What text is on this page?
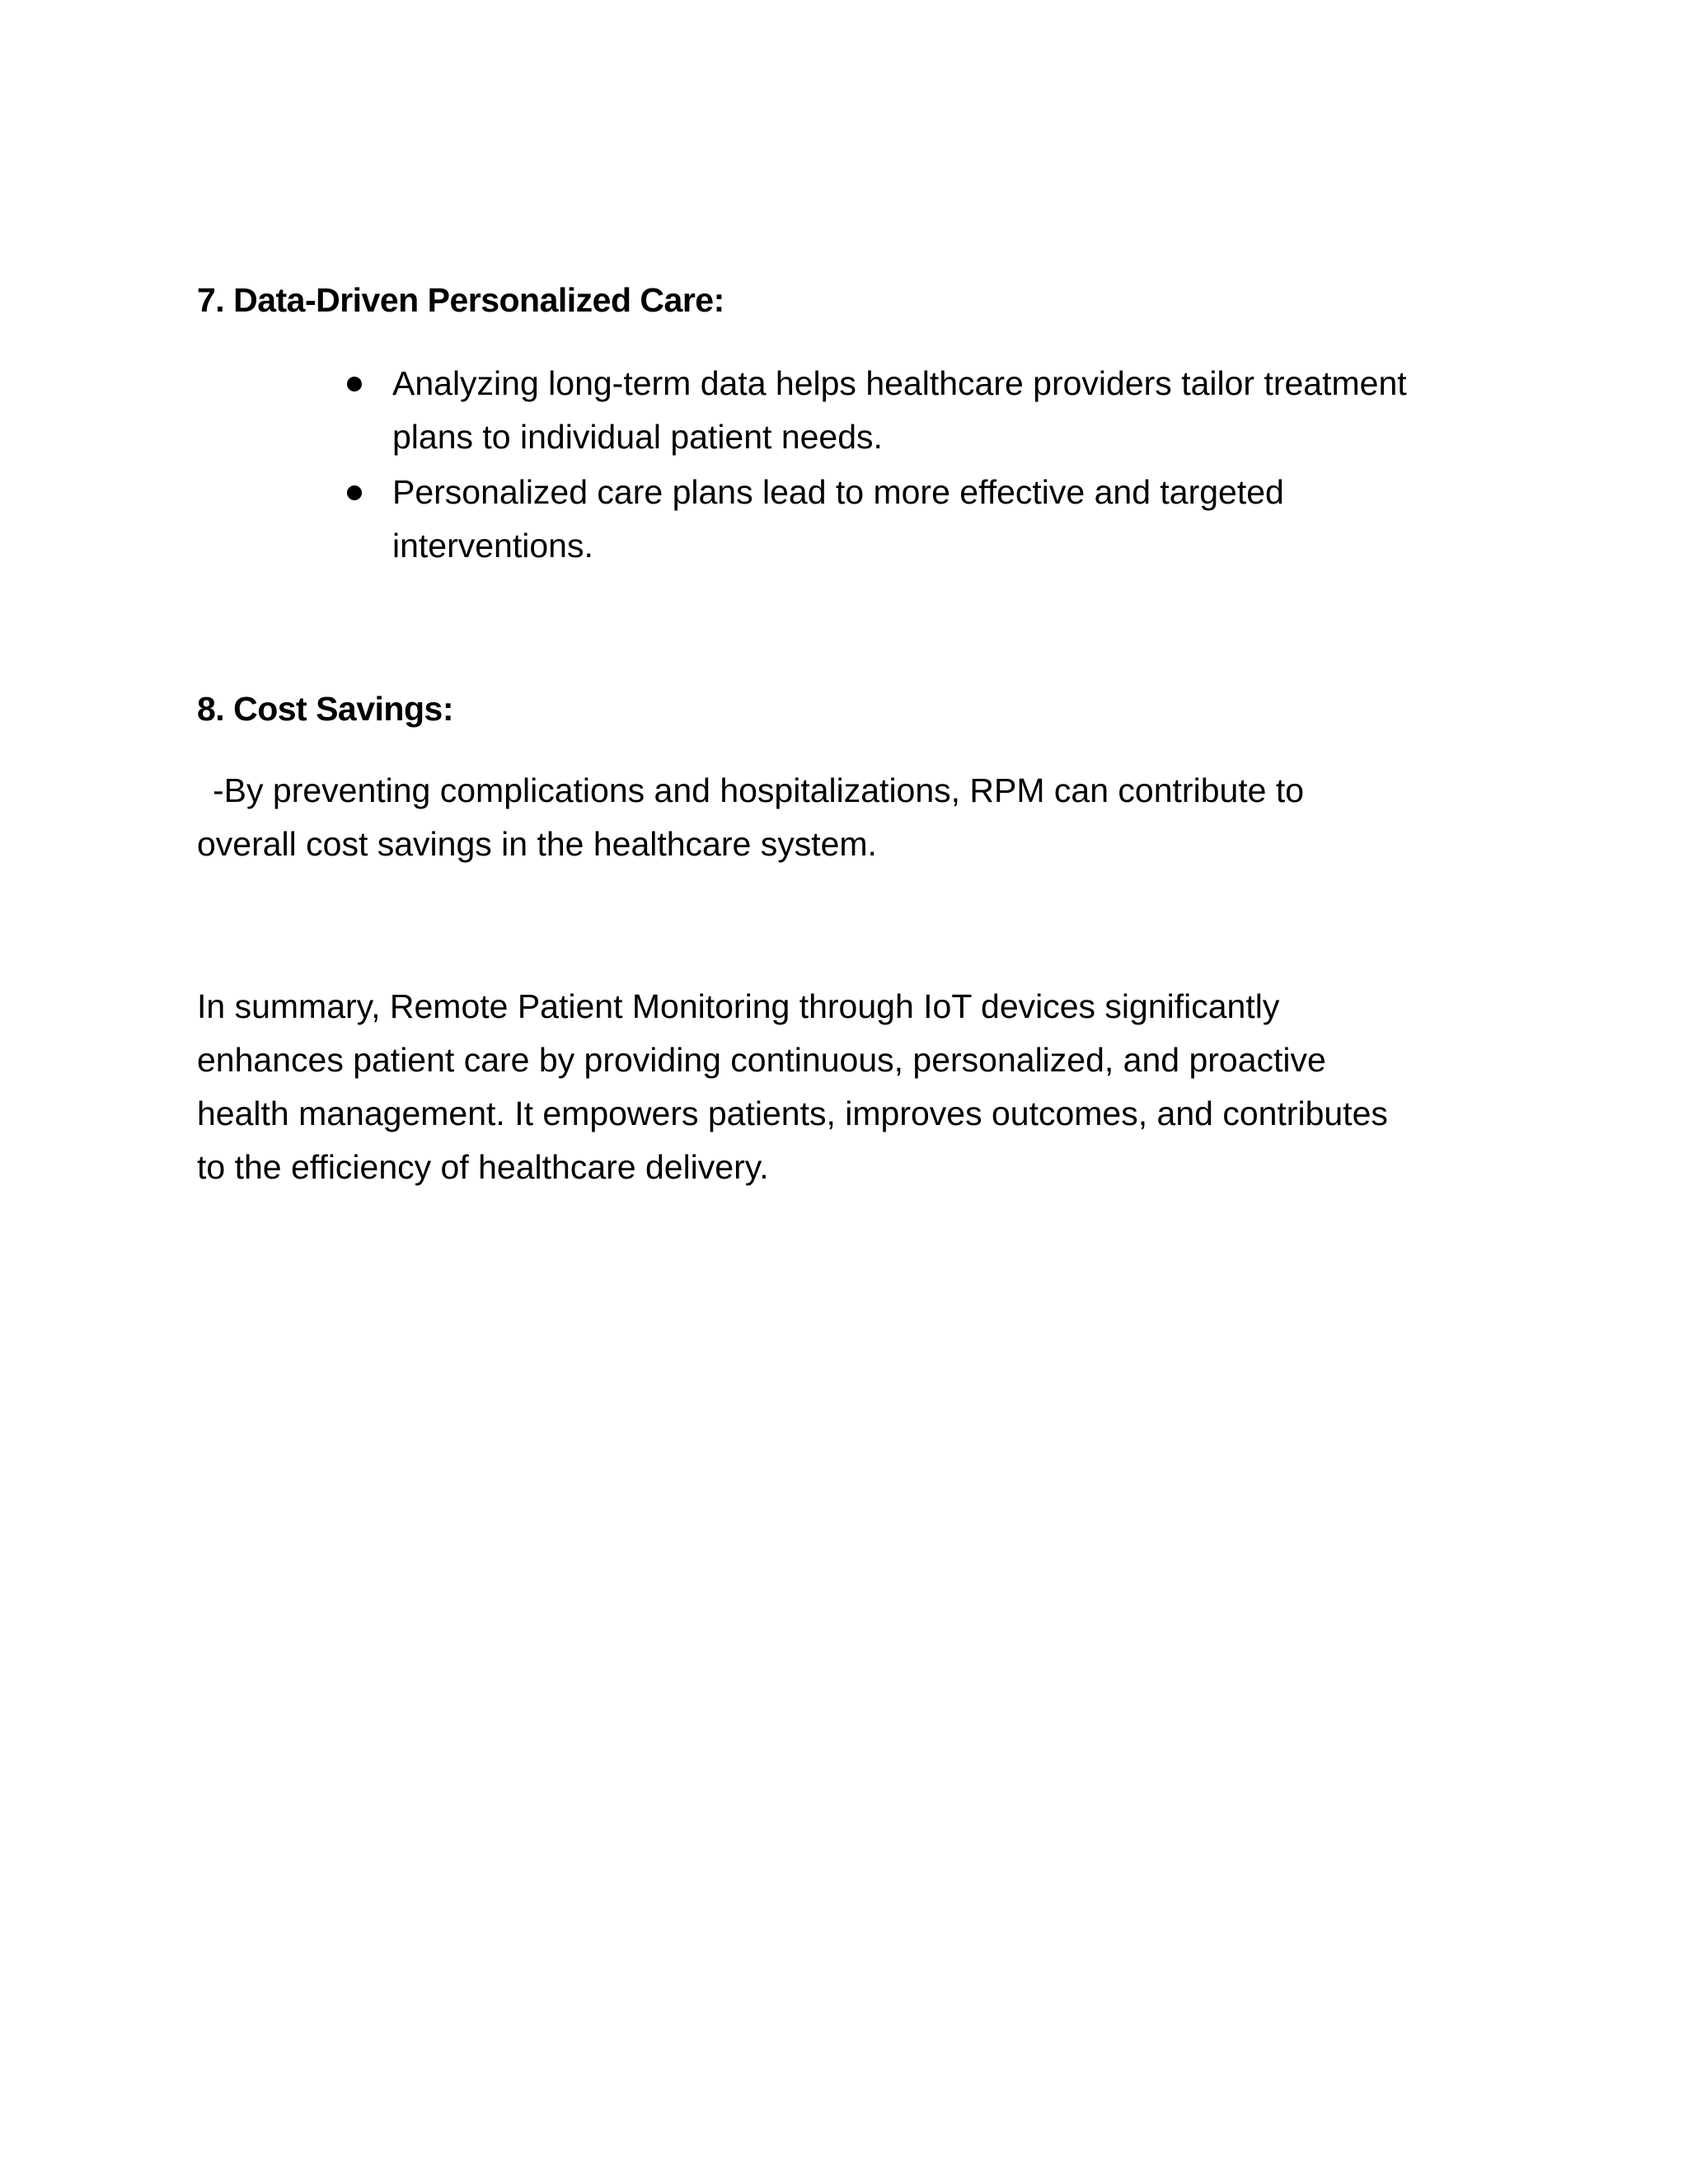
7. Data-Driven Personalized Care:
Analyzing long-term data helps healthcare providers tailor treatment
plans to individual patient needs.
Personalized care plans lead to more effective and targeted
interventions.
8. Cost Savings:
-By preventing complications and hospitalizations, RPM can contribute to
overall cost savings in the healthcare system.
In summary, Remote Patient Monitoring through IoT devices significantly
enhances patient care by providing continuous, personalized, and proactive
health management. It empowers patients, improves outcomes, and contributes
to the efficiency of healthcare delivery.
